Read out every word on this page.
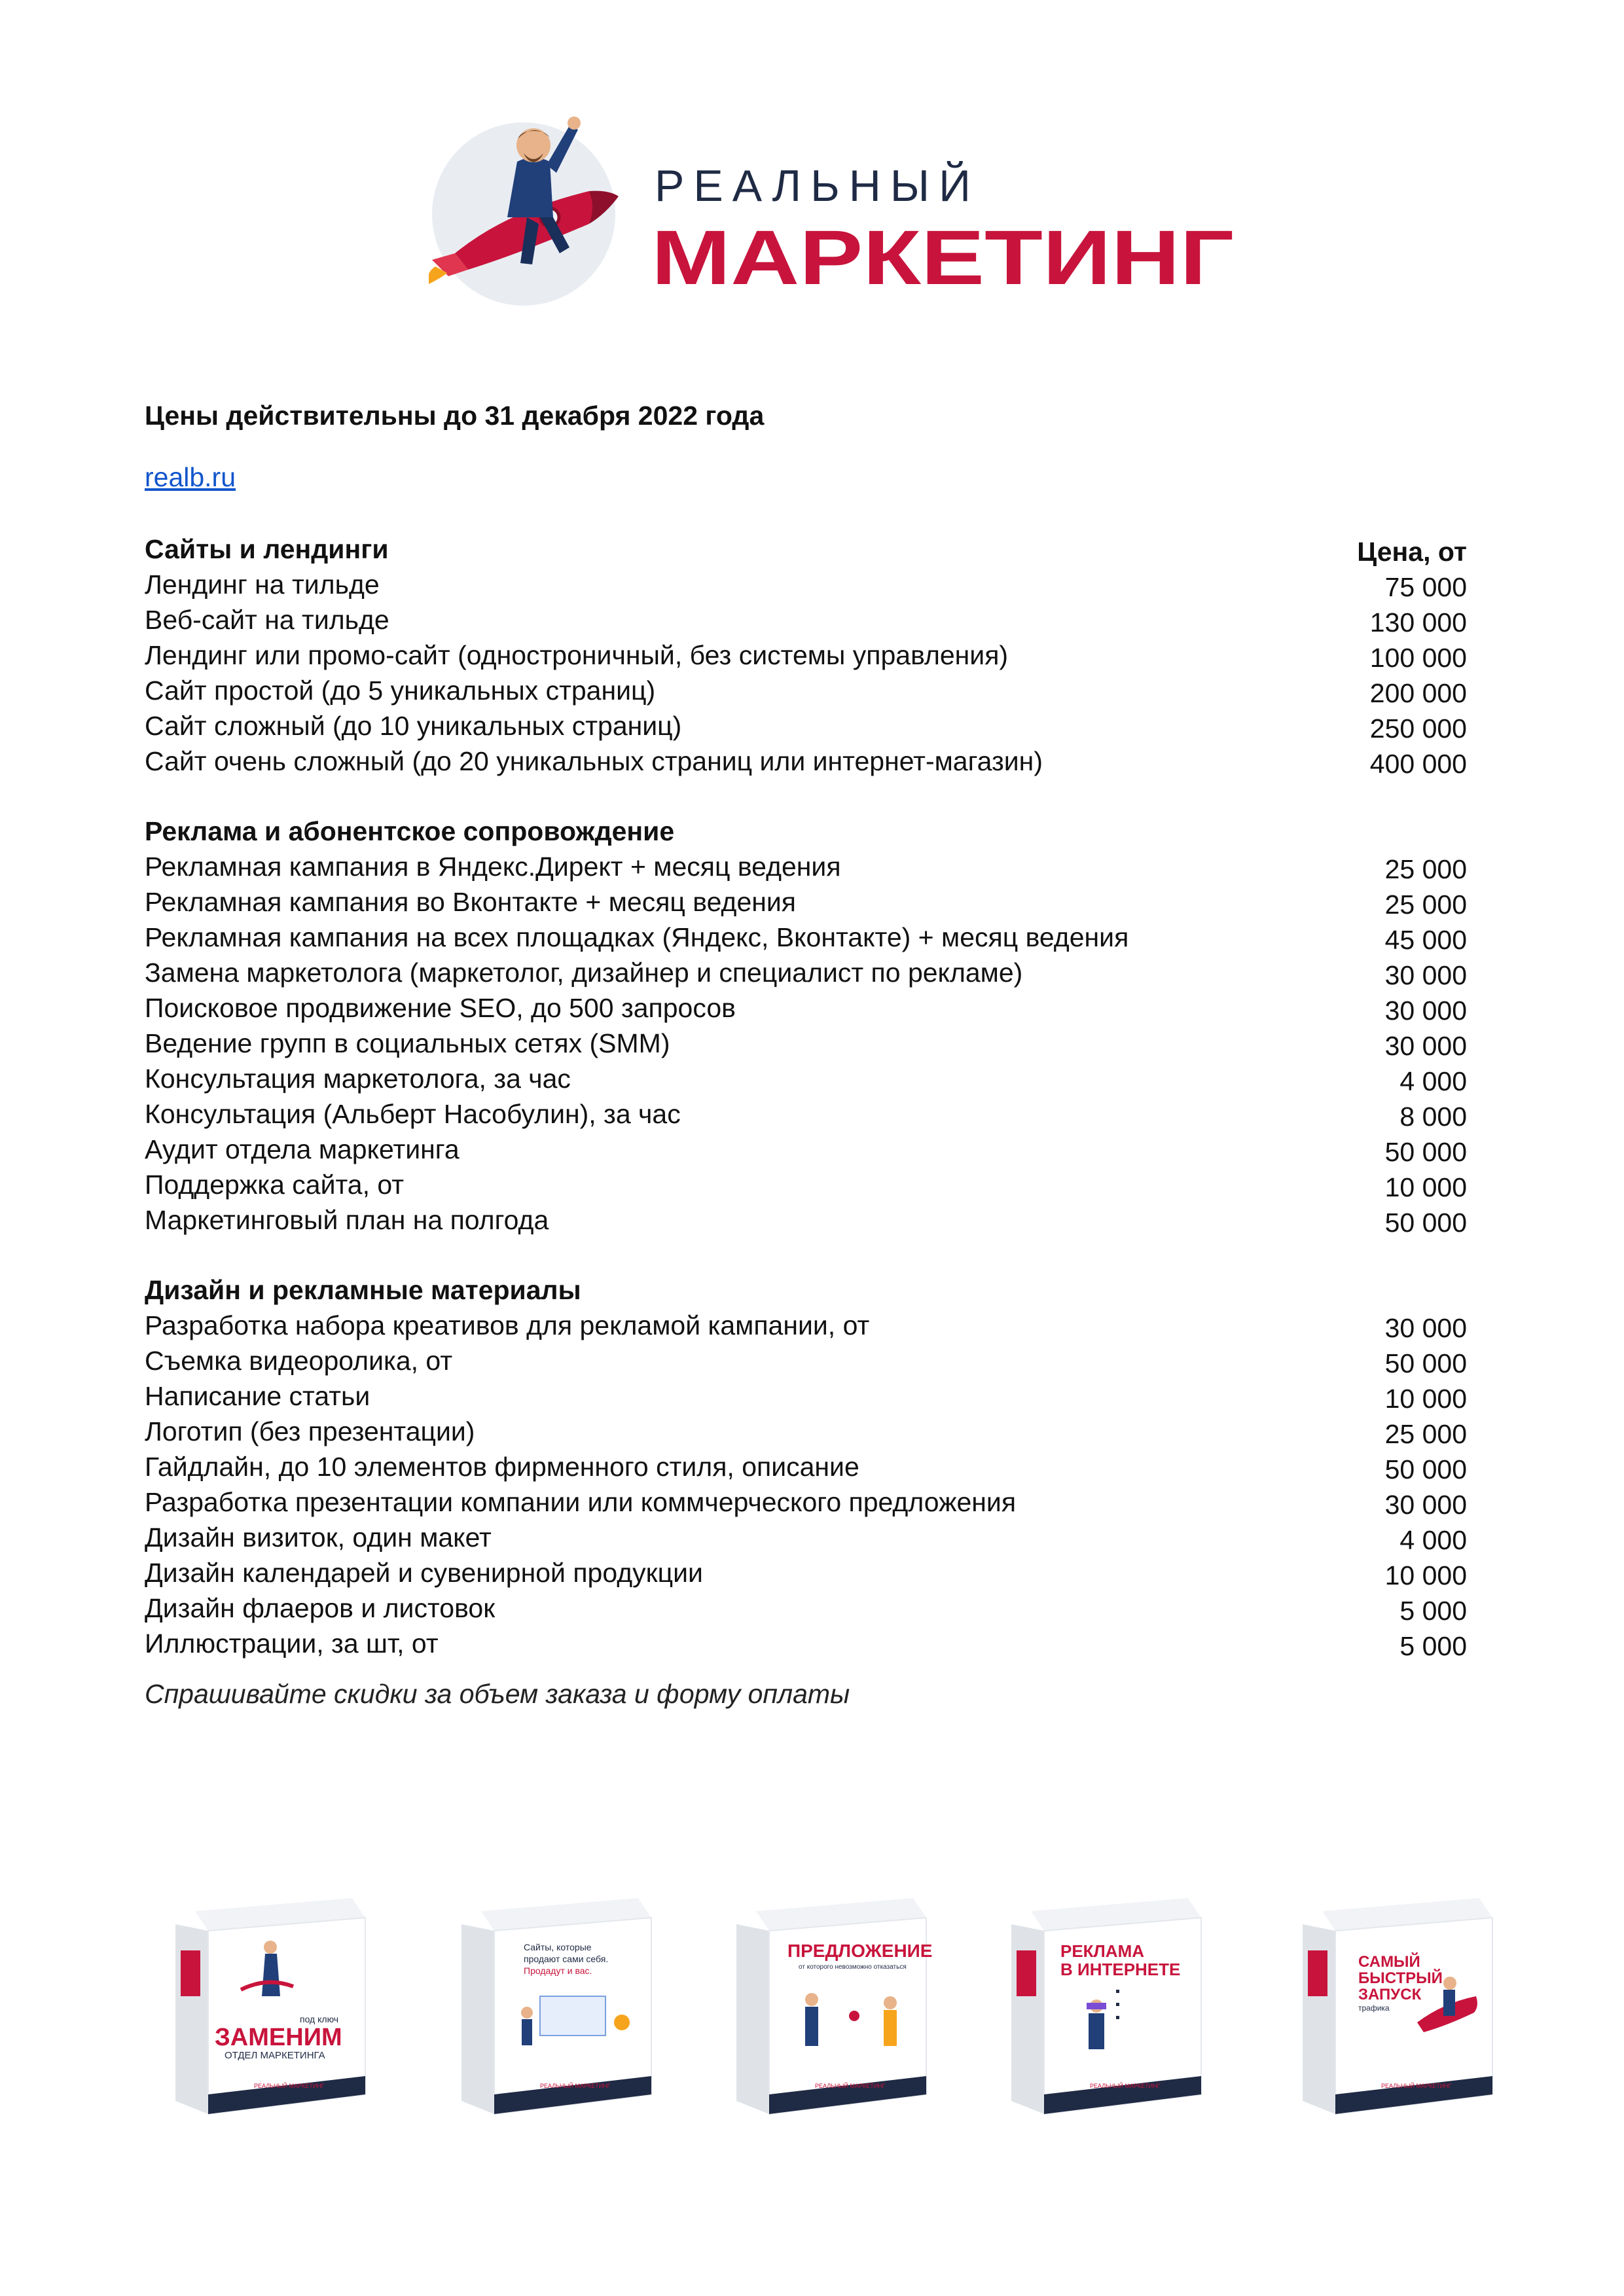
РЕАЛЬНЫЙ
МАРКЕТИНГ
Цены действительны до 31 декабря 2022 года
realb.ru
Сайты и лендинги	Цена, от
Лендинг на тильде	75 000
Веб-сайт на тильде	130 000
Лендинг или промо-сайт (одностроничный, без системы управления)	100 000
Сайт простой (до 5 уникальных страниц)	200 000
Сайт сложный (до 10 уникальных страниц)	250 000
Сайт очень сложный (до 20 уникальных страниц или интернет-магазин)	400 000
Реклама и абонентское сопровождение
Рекламная кампания в Яндекс.Директ + месяц ведения	25 000
Рекламная кампания во Вконтакте + месяц ведения	25 000
Рекламная кампания на всех площадках (Яндекс, Вконтакте) + месяц ведения	45 000
Замена маркетолога (маркетолог, дизайнер и специалист по рекламе)	30 000
Поисковое продвижение SEO, до 500 запросов	30 000
Ведение групп в социальных сетях (SMM)	30 000
Консультация маркетолога, за час	4 000
Консультация (Альберт Насобулин), за час	8 000
Аудит отдела маркетинга	50 000
Поддержка сайта, от	10 000
Маркетинговый план на полгода	50 000
Дизайн и рекламные материалы
Разработка набора креативов для рекламой кампании, от	30 000
Съемка видеоролика, от	50 000
Написание статьи	10 000
Логотип (без презентации)	25 000
Гайдлайн, до 10 элементов фирменного стиля, описание	50 000
Разработка презентации компании или коммчерческого предложения	30 000
Дизайн визиток, один макет	4 000
Дизайн календарей и сувенирной продукции	10 000
Дизайн флаеров и листовок	5 000
Иллюстрации, за шт, от	5 000
Спрашивайте скидки за объем заказа и форму оплаты
под ключ
ЗАМЕНИМ
ОТДЕЛ МАРКЕТИНГА
РЕАЛЬНЫЙ МАРКЕТИНГ
Сайты, которые
продают сами себя.
Продадут и вас.
РЕАЛЬНЫЙ МАРКЕТИНГ
ПРЕДЛОЖЕНИЕ
от которого невозможно отказаться
РЕАЛЬНЫЙ МАРКЕТИНГ
РЕКЛАМА
В ИНТЕРНЕТЕ
РЕАЛЬНЫЙ МАРКЕТИНГ
САМЫЙ
БЫСТРЫЙ
ЗАПУСК
трафика
РЕАЛЬНЫЙ МАРКЕТИНГ
